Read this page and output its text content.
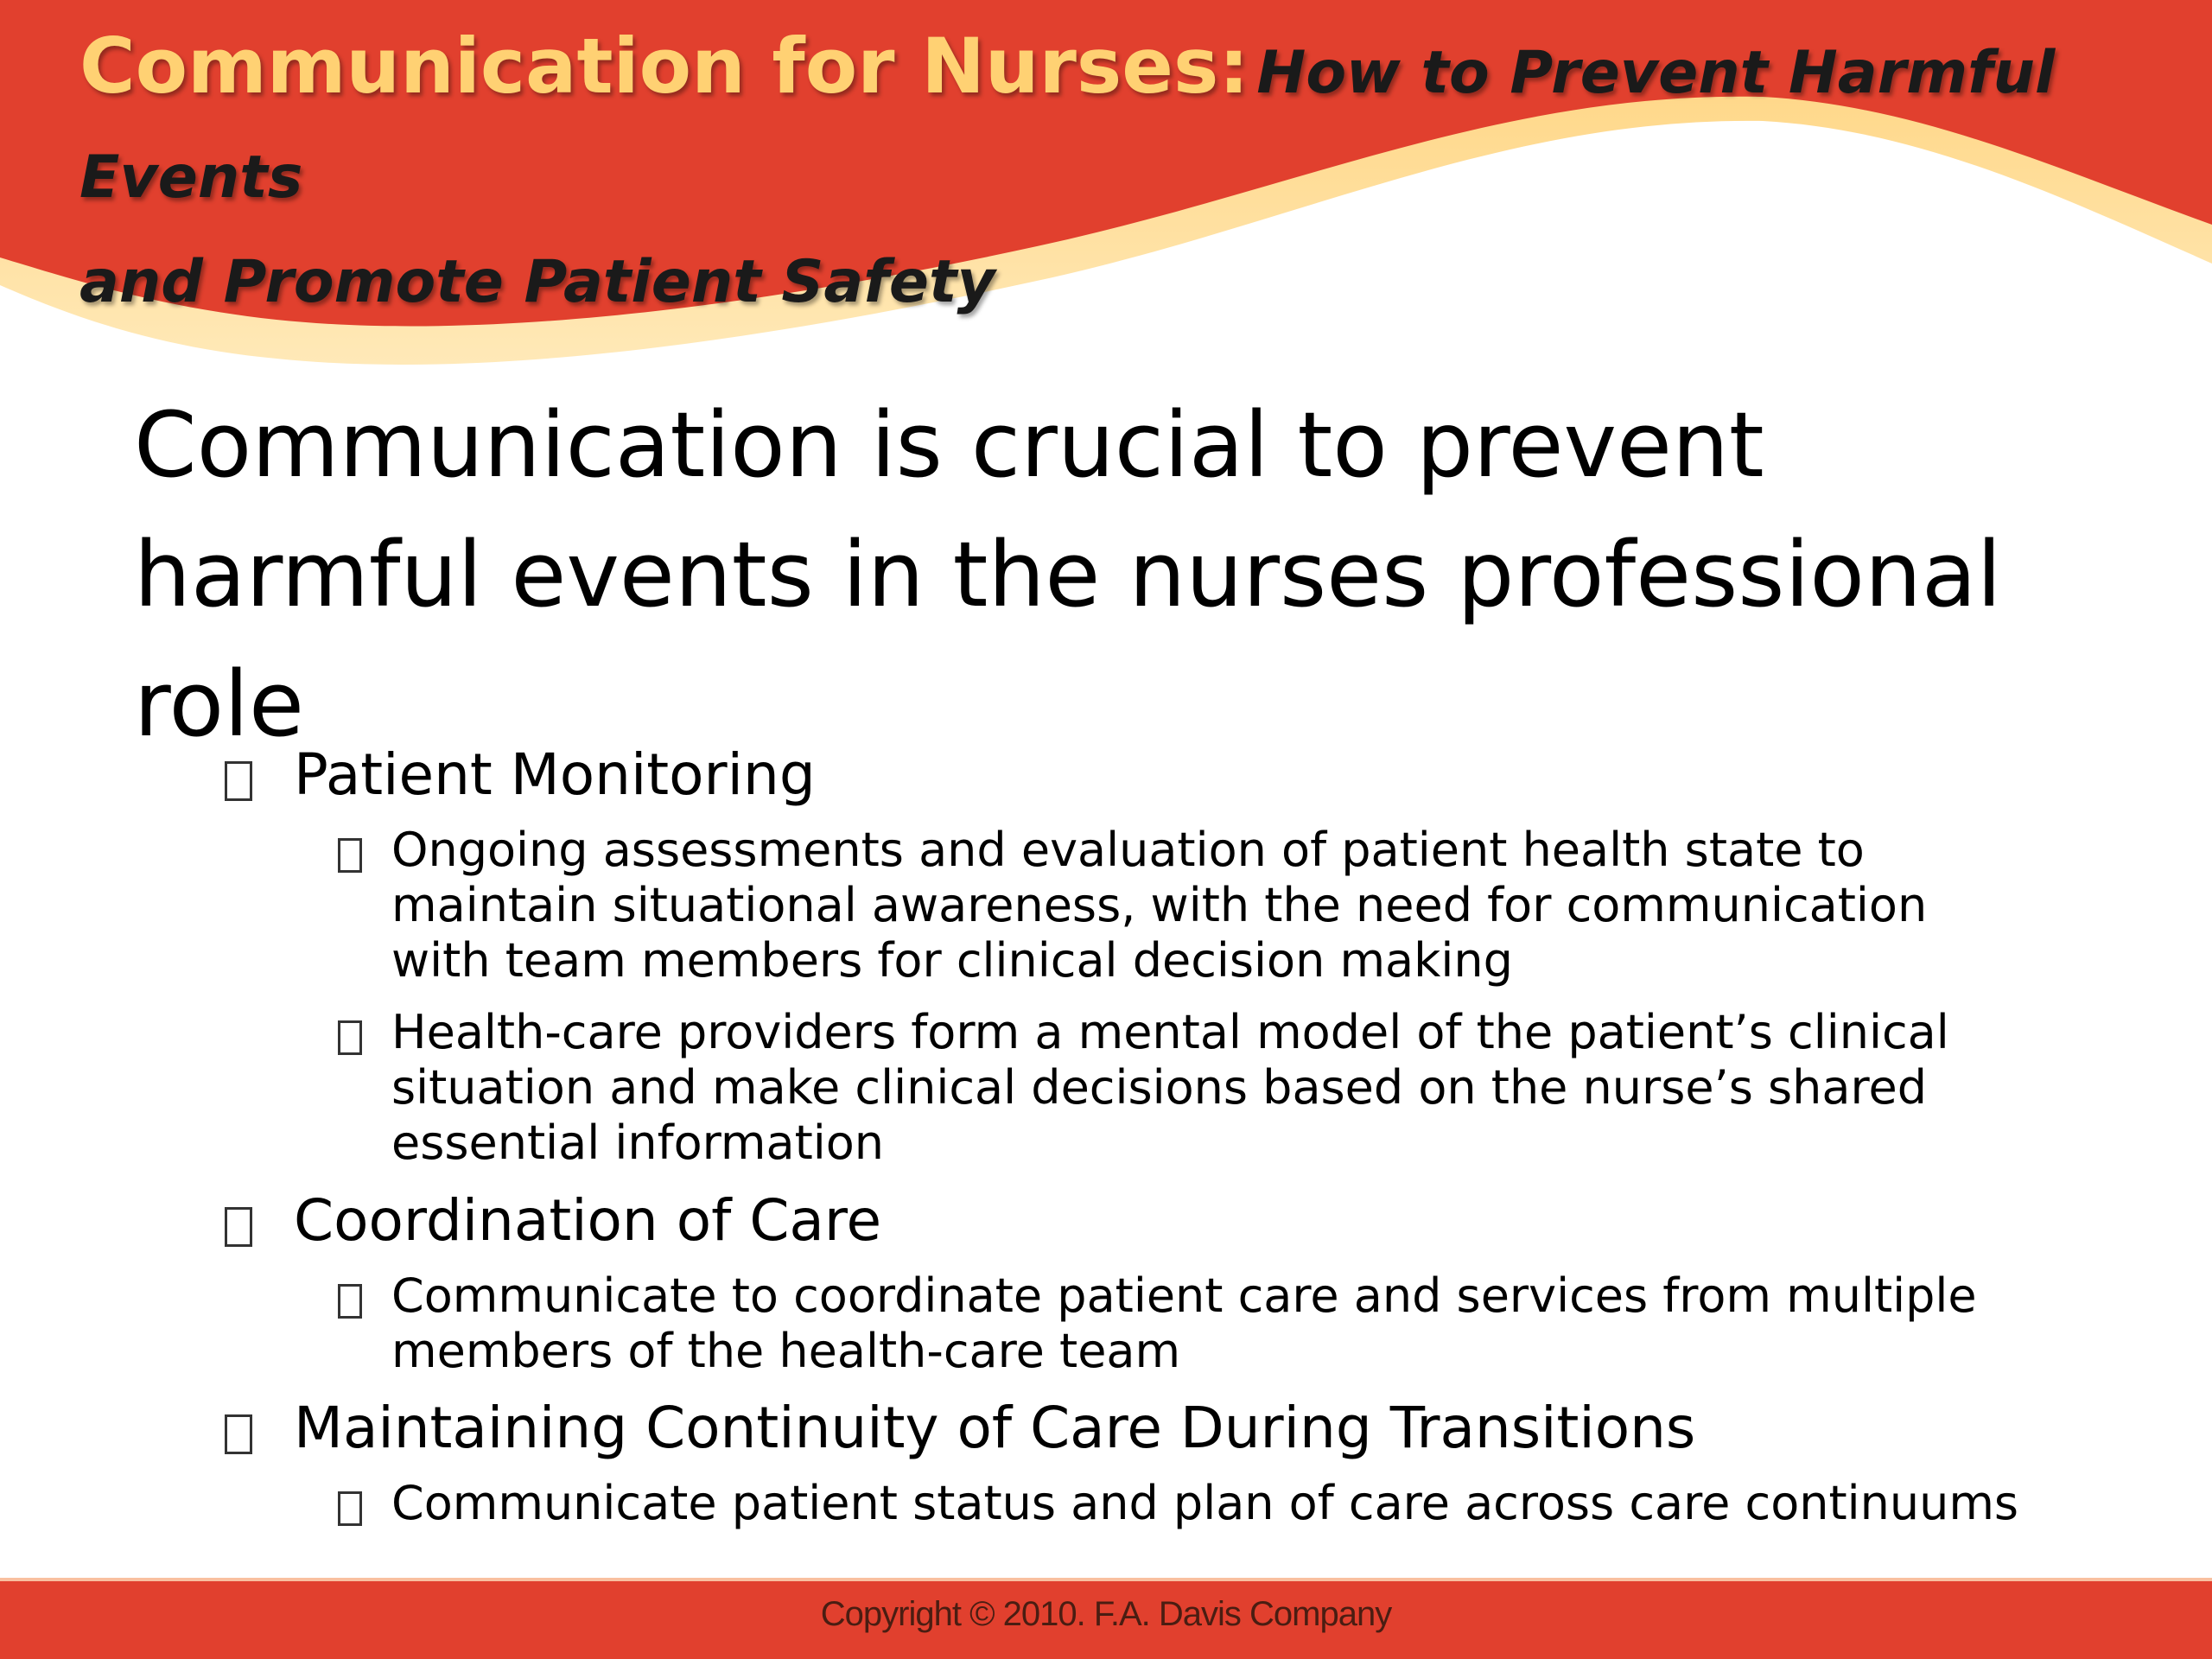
Communication for Nurses: How to Prevent Harmful Events
and Promote Patient Safety
Communication is crucial to prevent
harmful events in the nurses professional
role
Patient Monitoring
Ongoing assessments and evaluation of patient health state to
maintain situational awareness, with the need for communication
with team members for clinical decision making
Health-care providers form a mental model of the patient’s clinical
situation and make clinical decisions based on the nurse’s shared
essential information
Coordination of Care
Communicate to coordinate patient care and services from multiple
members of the health-care team
Maintaining Continuity of Care During Transitions
Communicate patient status and plan of care across care continuums
Copyright © 2010. F.A. Davis Company
